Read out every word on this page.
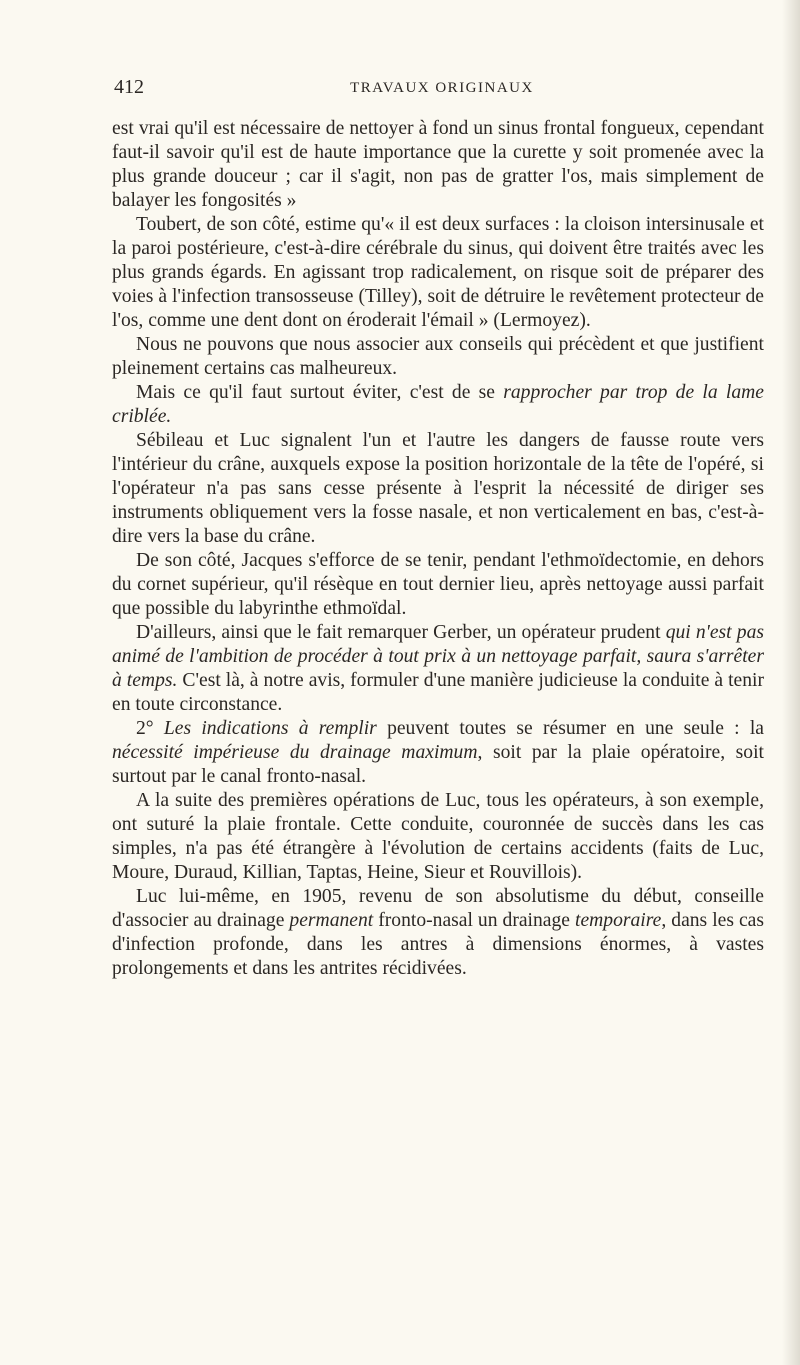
412	TRAVAUX ORIGINAUX

est vrai qu'il est nécessaire de nettoyer à fond un sinus frontal fongueux, cependant faut-il savoir qu'il est de haute importance que la curette y soit promenée avec la plus grande douceur ; car il s'agit, non pas de gratter l'os, mais simplement de balayer les fongosités »

Toubert, de son côté, estime qu'« il est deux surfaces : la cloison intersinusale et la paroi postérieure, c'est-à-dire cérébrale du sinus, qui doivent être traités avec les plus grands égards. En agissant trop radicalement, on risque soit de préparer des voies à l'infection transosseuse (Tilley), soit de détruire le revêtement protecteur de l'os, comme une dent dont on éroderait l'émail » (Lermoyez).

Nous ne pouvons que nous associer aux conseils qui précèdent et que justifient pleinement certains cas malheureux.

Mais ce qu'il faut surtout éviter, c'est de se rapprocher par trop de la lame criblée.

Sébileau et Luc signalent l'un et l'autre les dangers de fausse route vers l'intérieur du crâne, auxquels expose la position horizontale de la tête de l'opéré, si l'opérateur n'a pas sans cesse présente à l'esprit la nécessité de diriger ses instruments obliquement vers la fosse nasale, et non verticalement en bas, c'est-à-dire vers la base du crâne.

De son côté, Jacques s'efforce de se tenir, pendant l'ethmoïdectomie, en dehors du cornet supérieur, qu'il résèque en tout dernier lieu, après nettoyage aussi parfait que possible du labyrinthe ethmoïdal.

D'ailleurs, ainsi que le fait remarquer Gerber, un opérateur prudent qui n'est pas animé de l'ambition de procéder à tout prix à un nettoyage parfait, saura s'arrêter à temps. C'est là, à notre avis, formuler d'une manière judicieuse la conduite à tenir en toute circonstance.

2° Les indications à remplir peuvent toutes se résumer en une seule : la nécessité impérieuse du drainage maximum, soit par la plaie opératoire, soit surtout par le canal fronto-nasal.

A la suite des premières opérations de Luc, tous les opérateurs, à son exemple, ont suturé la plaie frontale. Cette conduite, couronnée de succès dans les cas simples, n'a pas été étrangère à l'évolution de certains accidents (faits de Luc, Moure, Duraud, Killian, Taptas, Heine, Sieur et Rouvillois).

Luc lui-même, en 1905, revenu de son absolutisme du début, conseille d'associer au drainage permanent fronto-nasal un drainage temporaire, dans les cas d'infection profonde, dans les antres à dimensions énormes, à vastes prolongements et dans les antrites récidivées.
